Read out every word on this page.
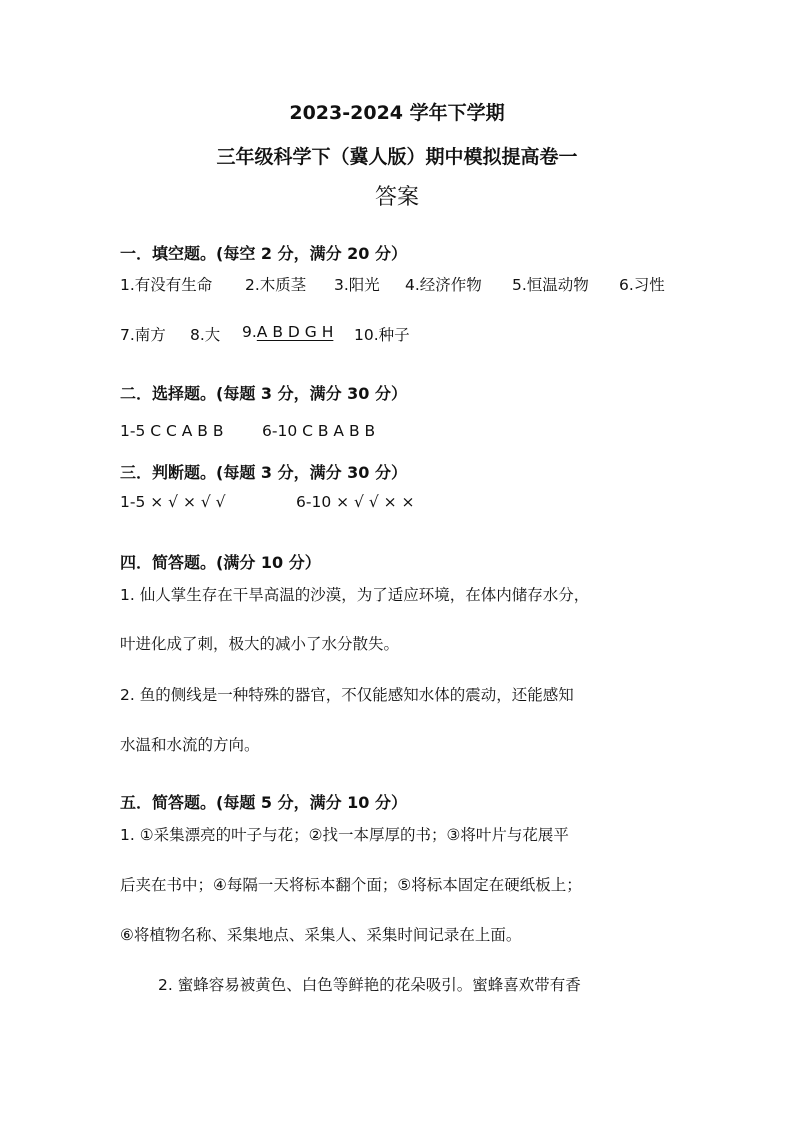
2023-2024 学年下学期
三年级科学下（冀人版）期中模拟提高卷一
答案
一．填空题。(每空 2 分，满分 20 分）
1.有没有生命 2.木质茎 3.阳光 4.经济作物 5.恒温动物 6.习性
7.南方 8.大 9.A B D G H 10.种子
二．选择题。(每题 3 分，满分 30 分）
1-5 C C A B B 6-10 C B A B B
三．判断题。(每题 3 分，满分 30 分）
1-5 × √ × √ √	6-10 × √ √ × ×
四．简答题。(满分 10 分）
1. 仙人掌生存在干旱高温的沙漠，为了适应环境，在体内储存水分，
叶进化成了刺，极大的减小了水分散失。
2. 鱼的侧线是一种特殊的器官，不仅能感知水体的震动，还能感知
水温和水流的方向。
五．简答题。(每题 5 分，满分 10 分）
1. ①采集漂亮的叶子与花；②找一本厚厚的书；③将叶片与花展平
后夹在书中；④每隔一天将标本翻个面；⑤将标本固定在硬纸板上；
⑥将植物名称、采集地点、采集人、采集时间记录在上面。
2. 蜜蜂容易被黄色、白色等鲜艳的花朵吸引。蜜蜂喜欢带有香
